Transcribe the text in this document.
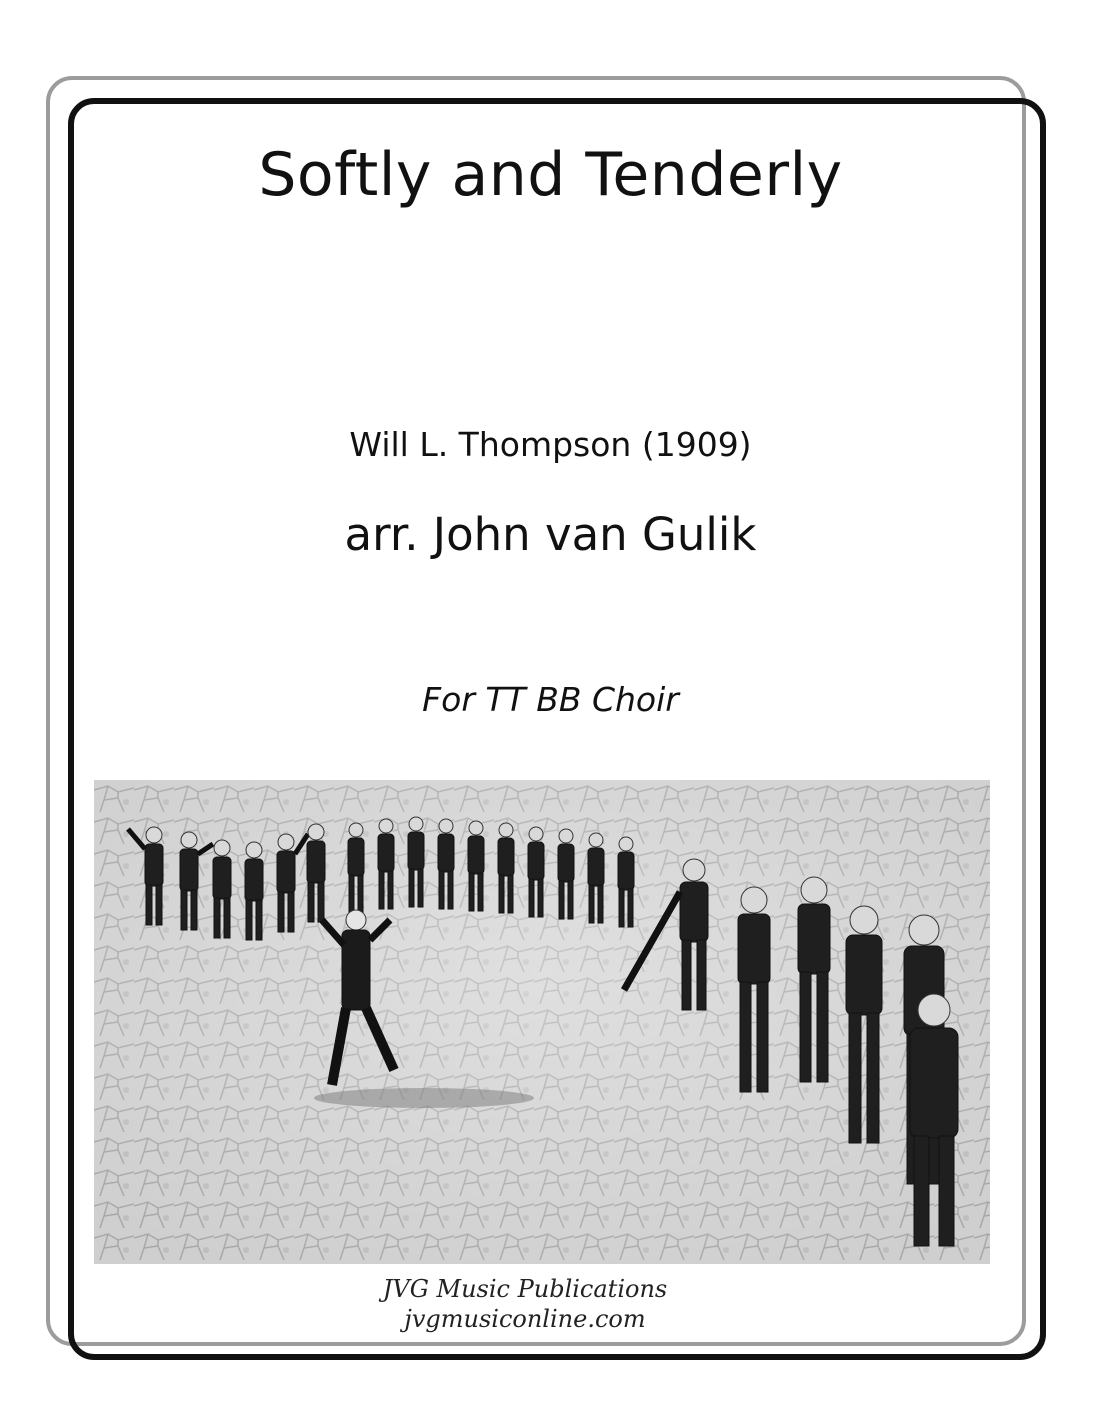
Softly and Tenderly
Will L. Thompson (1909)
arr. John van Gulik
For TT BB Choir
JVG Music Publications
jvgmusiconline.com
